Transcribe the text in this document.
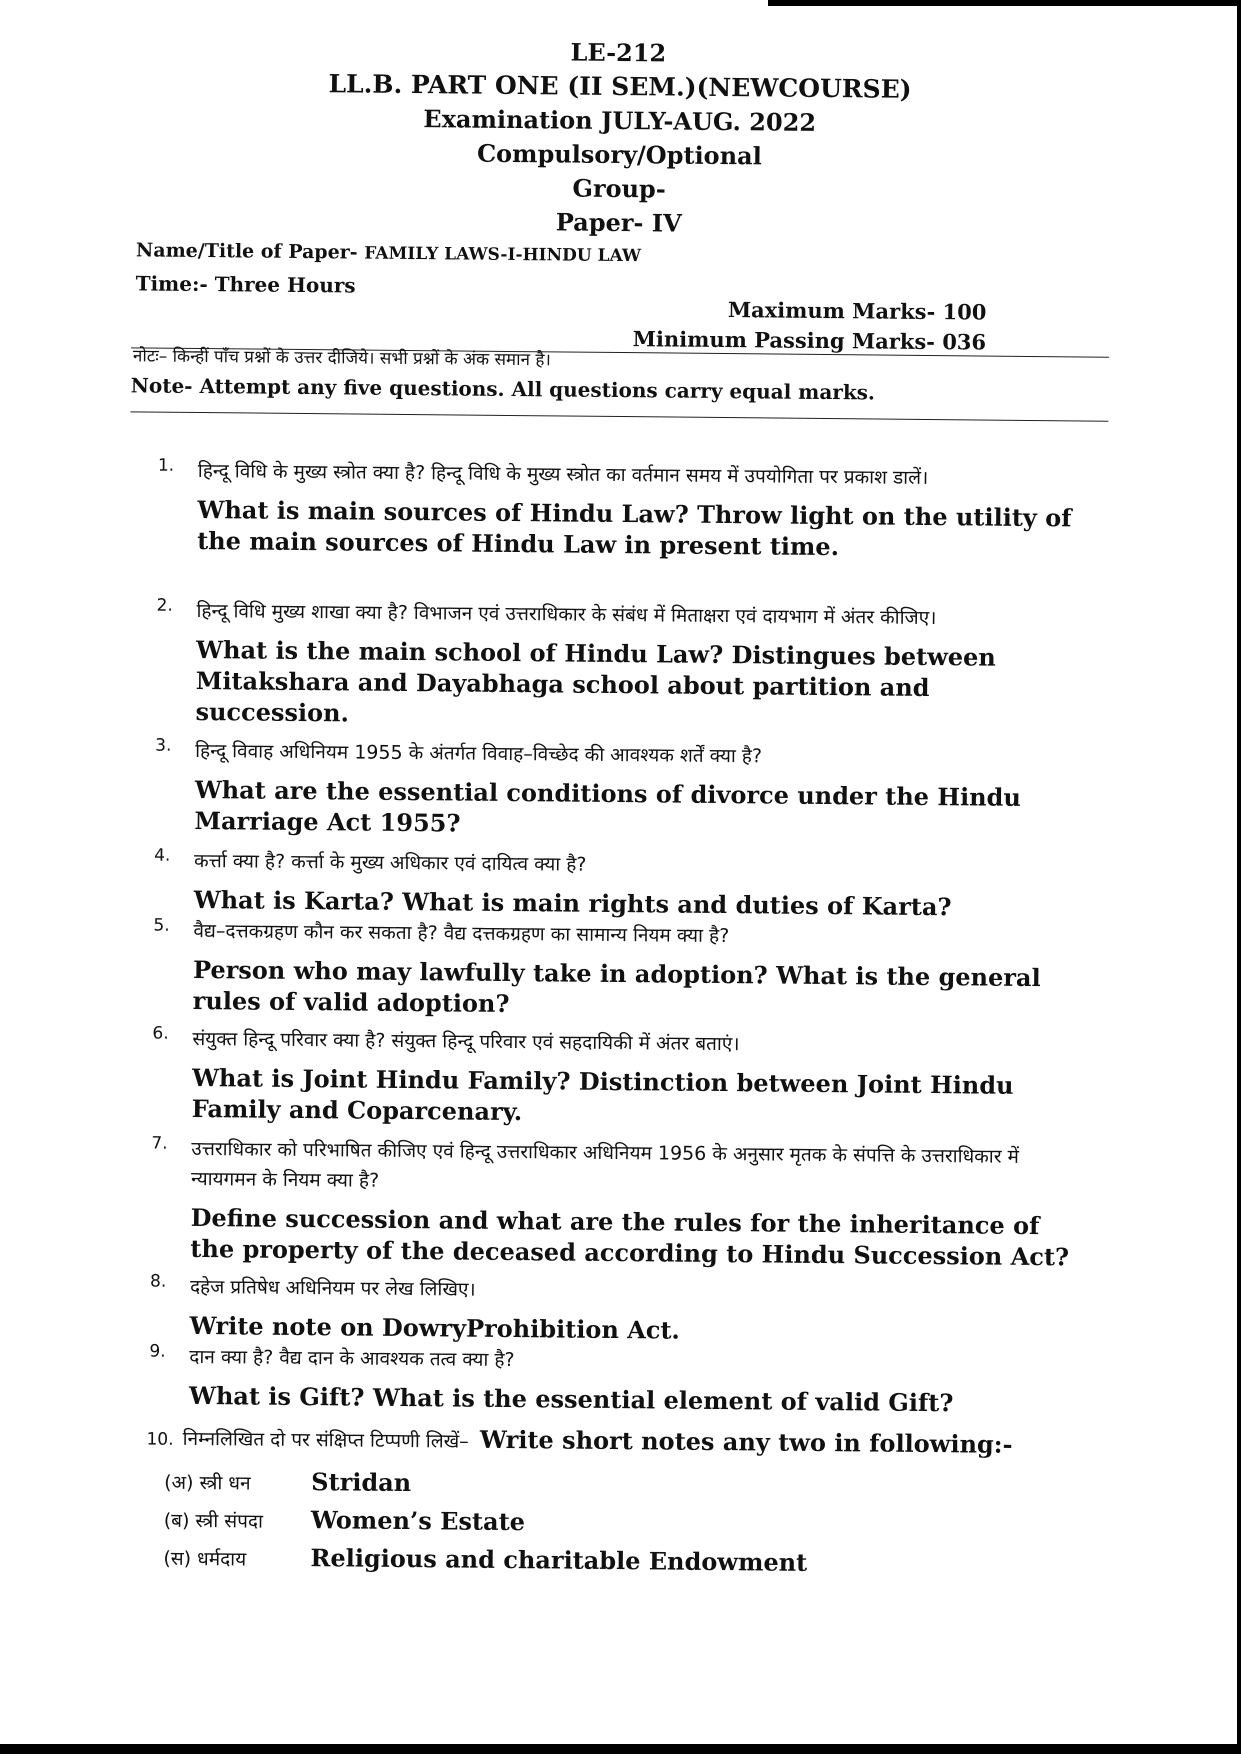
LE-212
LL.B. PART ONE (II SEM.)(NEWCOURSE)
Examination JULY-AUG. 2022
Compulsory/Optional
Group-
Paper- IV
Name/Title of Paper- FAMILY LAWS-I-HINDU LAW
Time:- Three Hours
Maximum Marks- 100
Minimum Passing Marks- 036
नोटः– किन्हीं पाँच प्रश्नों के उत्तर दीजिये। सभी प्रश्नों के अंक समान है।
Note- Attempt any five questions. All questions carry equal marks.
1. हिन्दू विधि के मुख्य स्त्रोत क्या है? हिन्दू विधि के मुख्य स्त्रोत का वर्तमान समय में उपयोगिता पर प्रकाश डालें।
What is main sources of Hindu Law? Throw light on the utility of the main sources of Hindu Law in present time.
2. हिन्दू विधि मुख्य शाखा क्या है? विभाजन एवं उत्तराधिकार के संबंध में मिताक्षरा एवं दायभाग में अंतर कीजिए।
What is the main school of Hindu Law? Distingues between Mitakshara and Dayabhaga school about partition and succession.
3. हिन्दू विवाह अधिनियम 1955 के अंतर्गत विवाह–विच्छेद की आवश्यक शर्तें क्या है?
What are the essential conditions of divorce under the Hindu Marriage Act 1955?
4. कर्त्ता क्या है? कर्त्ता के मुख्य अधिकार एवं दायित्व क्या है?
What is Karta? What is main rights and duties of Karta?
5. वैद्य–दत्तकग्रहण कौन कर सकता है? वैद्य दत्तकग्रहण का सामान्य नियम क्या है?
Person who may lawfully take in adoption? What is the general rules of valid adoption?
6. संयुक्त हिन्दू परिवार क्या है? संयुक्त हिन्दू परिवार एवं सहदायिकी में अंतर बताएं।
What is Joint Hindu Family? Distinction between Joint Hindu Family and Coparcenary.
7. उत्तराधिकार को परिभाषित कीजिए एवं हिन्दू उत्तराधिकार अधिनियम 1956 के अनुसार मृतक के संपत्ति के उत्तराधिकार में न्यायगमन के नियम क्या है?
Define succession and what are the rules for the inheritance of the property of the deceased according to Hindu Succession Act?
8. दहेज प्रतिषेध अधिनियम पर लेख लिखिए।
Write note on DowryProhibition Act.
9. दान क्या है? वैद्य दान के आवश्यक तत्व क्या है?
What is Gift? What is the essential element of valid Gift?
10. निम्नलिखित दो पर संक्षिप्त टिप्पणी लिखें– Write short notes any two in following:-
(अ) स्त्री धन	Stridan
(ब) स्त्री संपदा Women’s Estate
(स) धर्मदाय	Religious and charitable Endowment
